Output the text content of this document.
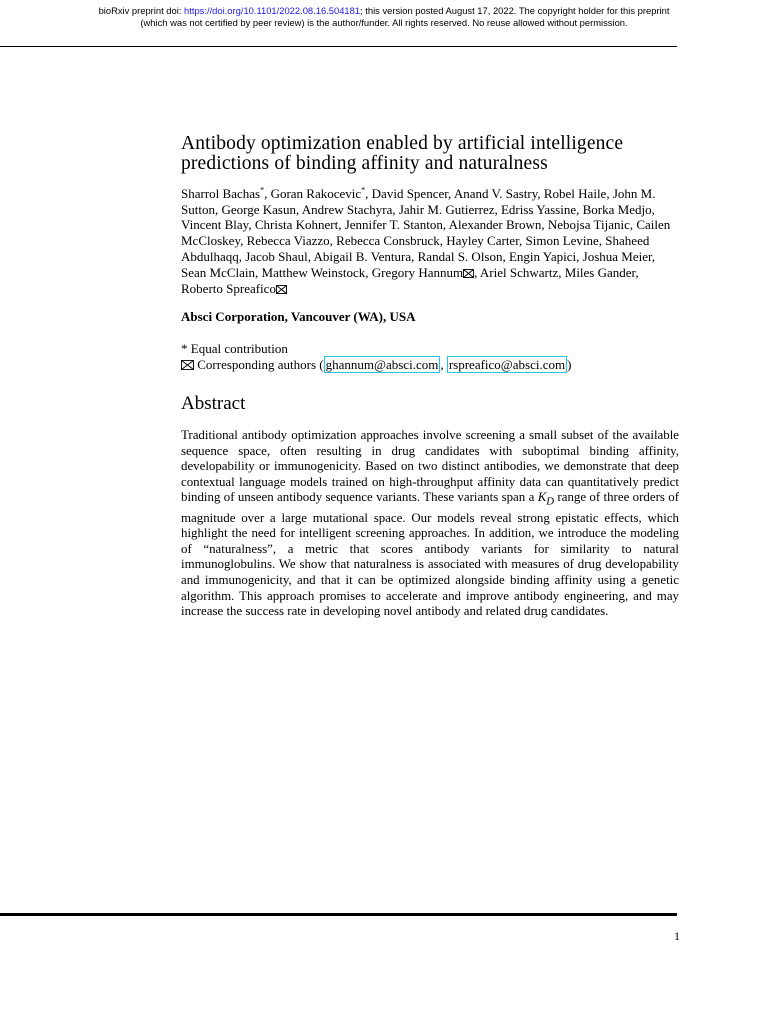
bioRxiv preprint doi: https://doi.org/10.1101/2022.08.16.504181; this version posted August 17, 2022. The copyright holder for this preprint
(which was not certified by peer review) is the author/funder. All rights reserved. No reuse allowed without permission.
Antibody optimization enabled by artificial intelligence
predictions of binding affinity and naturalness

Sharrol Bachas*, Goran Rakocevic*, David Spencer, Anand V. Sastry, Robel Haile, John M. Sutton, George Kasun, Andrew Stachyra, Jahir M. Gutierrez, Edriss Yassine, Borka Medjo, Vincent Blay, Christa Kohnert, Jennifer T. Stanton, Alexander Brown, Nebojsa Tijanic, Cailen McCloskey, Rebecca Viazzo, Rebecca Consbruck, Hayley Carter, Simon Levine, Shaheed Abdulhaqq, Jacob Shaul, Abigail B. Ventura, Randal S. Olson, Engin Yapici, Joshua Meier, Sean McClain, Matthew Weinstock, Gregory Hannum , Ariel Schwartz, Miles Gander, Roberto Spreafico

Absci Corporation, Vancouver (WA), USA

* Equal contribution

Corresponding authors ( ghannum@absci.com , rspreafico@absci.com )

Abstract

Traditional antibody optimization approaches involve screening a small subset of the available sequence space, often resulting in drug candidates with suboptimal binding affinity, developability or immunogenicity. Based on two distinct antibodies, we demonstrate that deep contextual language models trained on high-throughput affinity data can quantitatively predict binding of unseen antibody sequence variants. These variants span a $K_D$ range of three orders of magnitude over a large mutational space. Our models reveal strong epistatic effects, which highlight the need for intelligent screening approaches. In addition, we introduce the modeling of “naturalness”, a metric that scores antibody variants for similarity to natural immunoglobulins. We show that naturalness is associated with measures of drug developability and immunogenicity, and that it can be optimized alongside binding affinity using a genetic algorithm. This approach promises to accelerate and improve antibody engineering, and may increase the success rate in developing novel antibody and related drug candidates.

1
